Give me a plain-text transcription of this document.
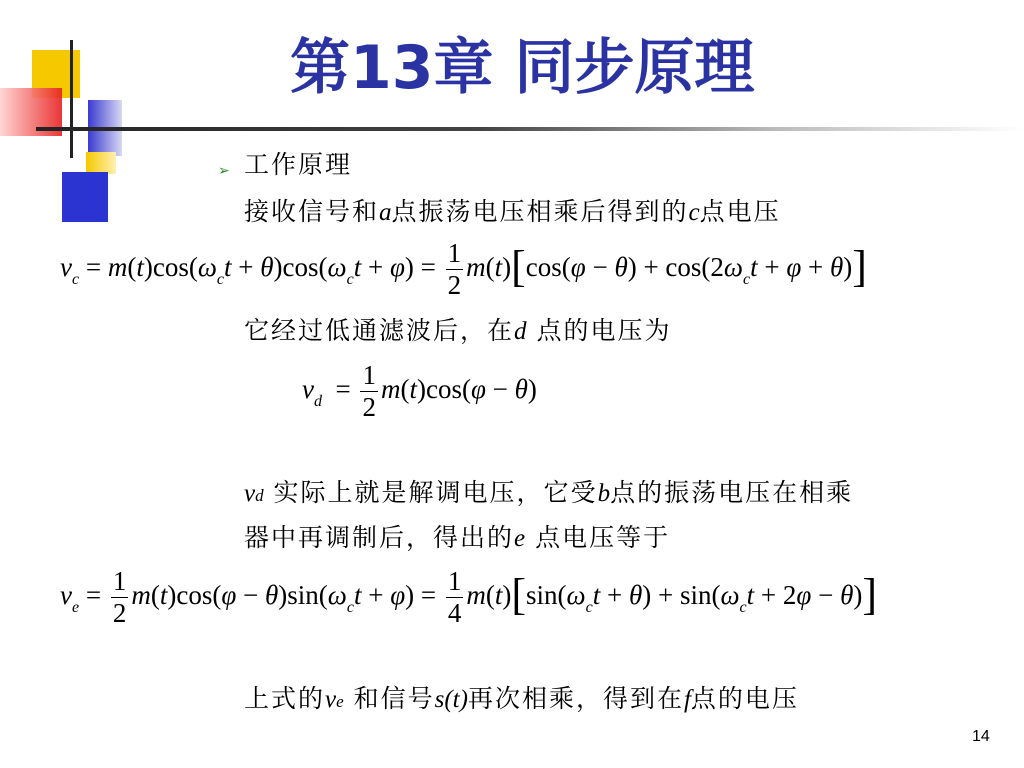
第13章 同步原理
➢ 工作原理
接收信号和a点振荡电压相乘后得到的c点电压
$v_c = m(t)\cos(\omega_ct + \theta)\cos(\omega_ct + \varphi) = \frac{1}{2} m(t)[\cos(\varphi - \theta) + \cos(2\omega_ct + \varphi + \theta)]$
它经过低通滤波后，在d 点的电压为
$v_d = \frac{1}{2} m(t)\cos(\varphi - \theta)$
vd 实际上就是解调电压，它受b点的振荡电压在相乘
器中再调制后，得出的e 点电压等于
$v_e = \frac{1}{2} m(t)\cos(\varphi - \theta)\sin(\omega_ct + \varphi) = \frac{1}{4} m(t)[\sin(\omega_ct + \theta) + \sin(\omega_ct + 2\varphi - \theta)]$
上式的ve 和信号s(t)再次相乘，得到在f点的电压
14
